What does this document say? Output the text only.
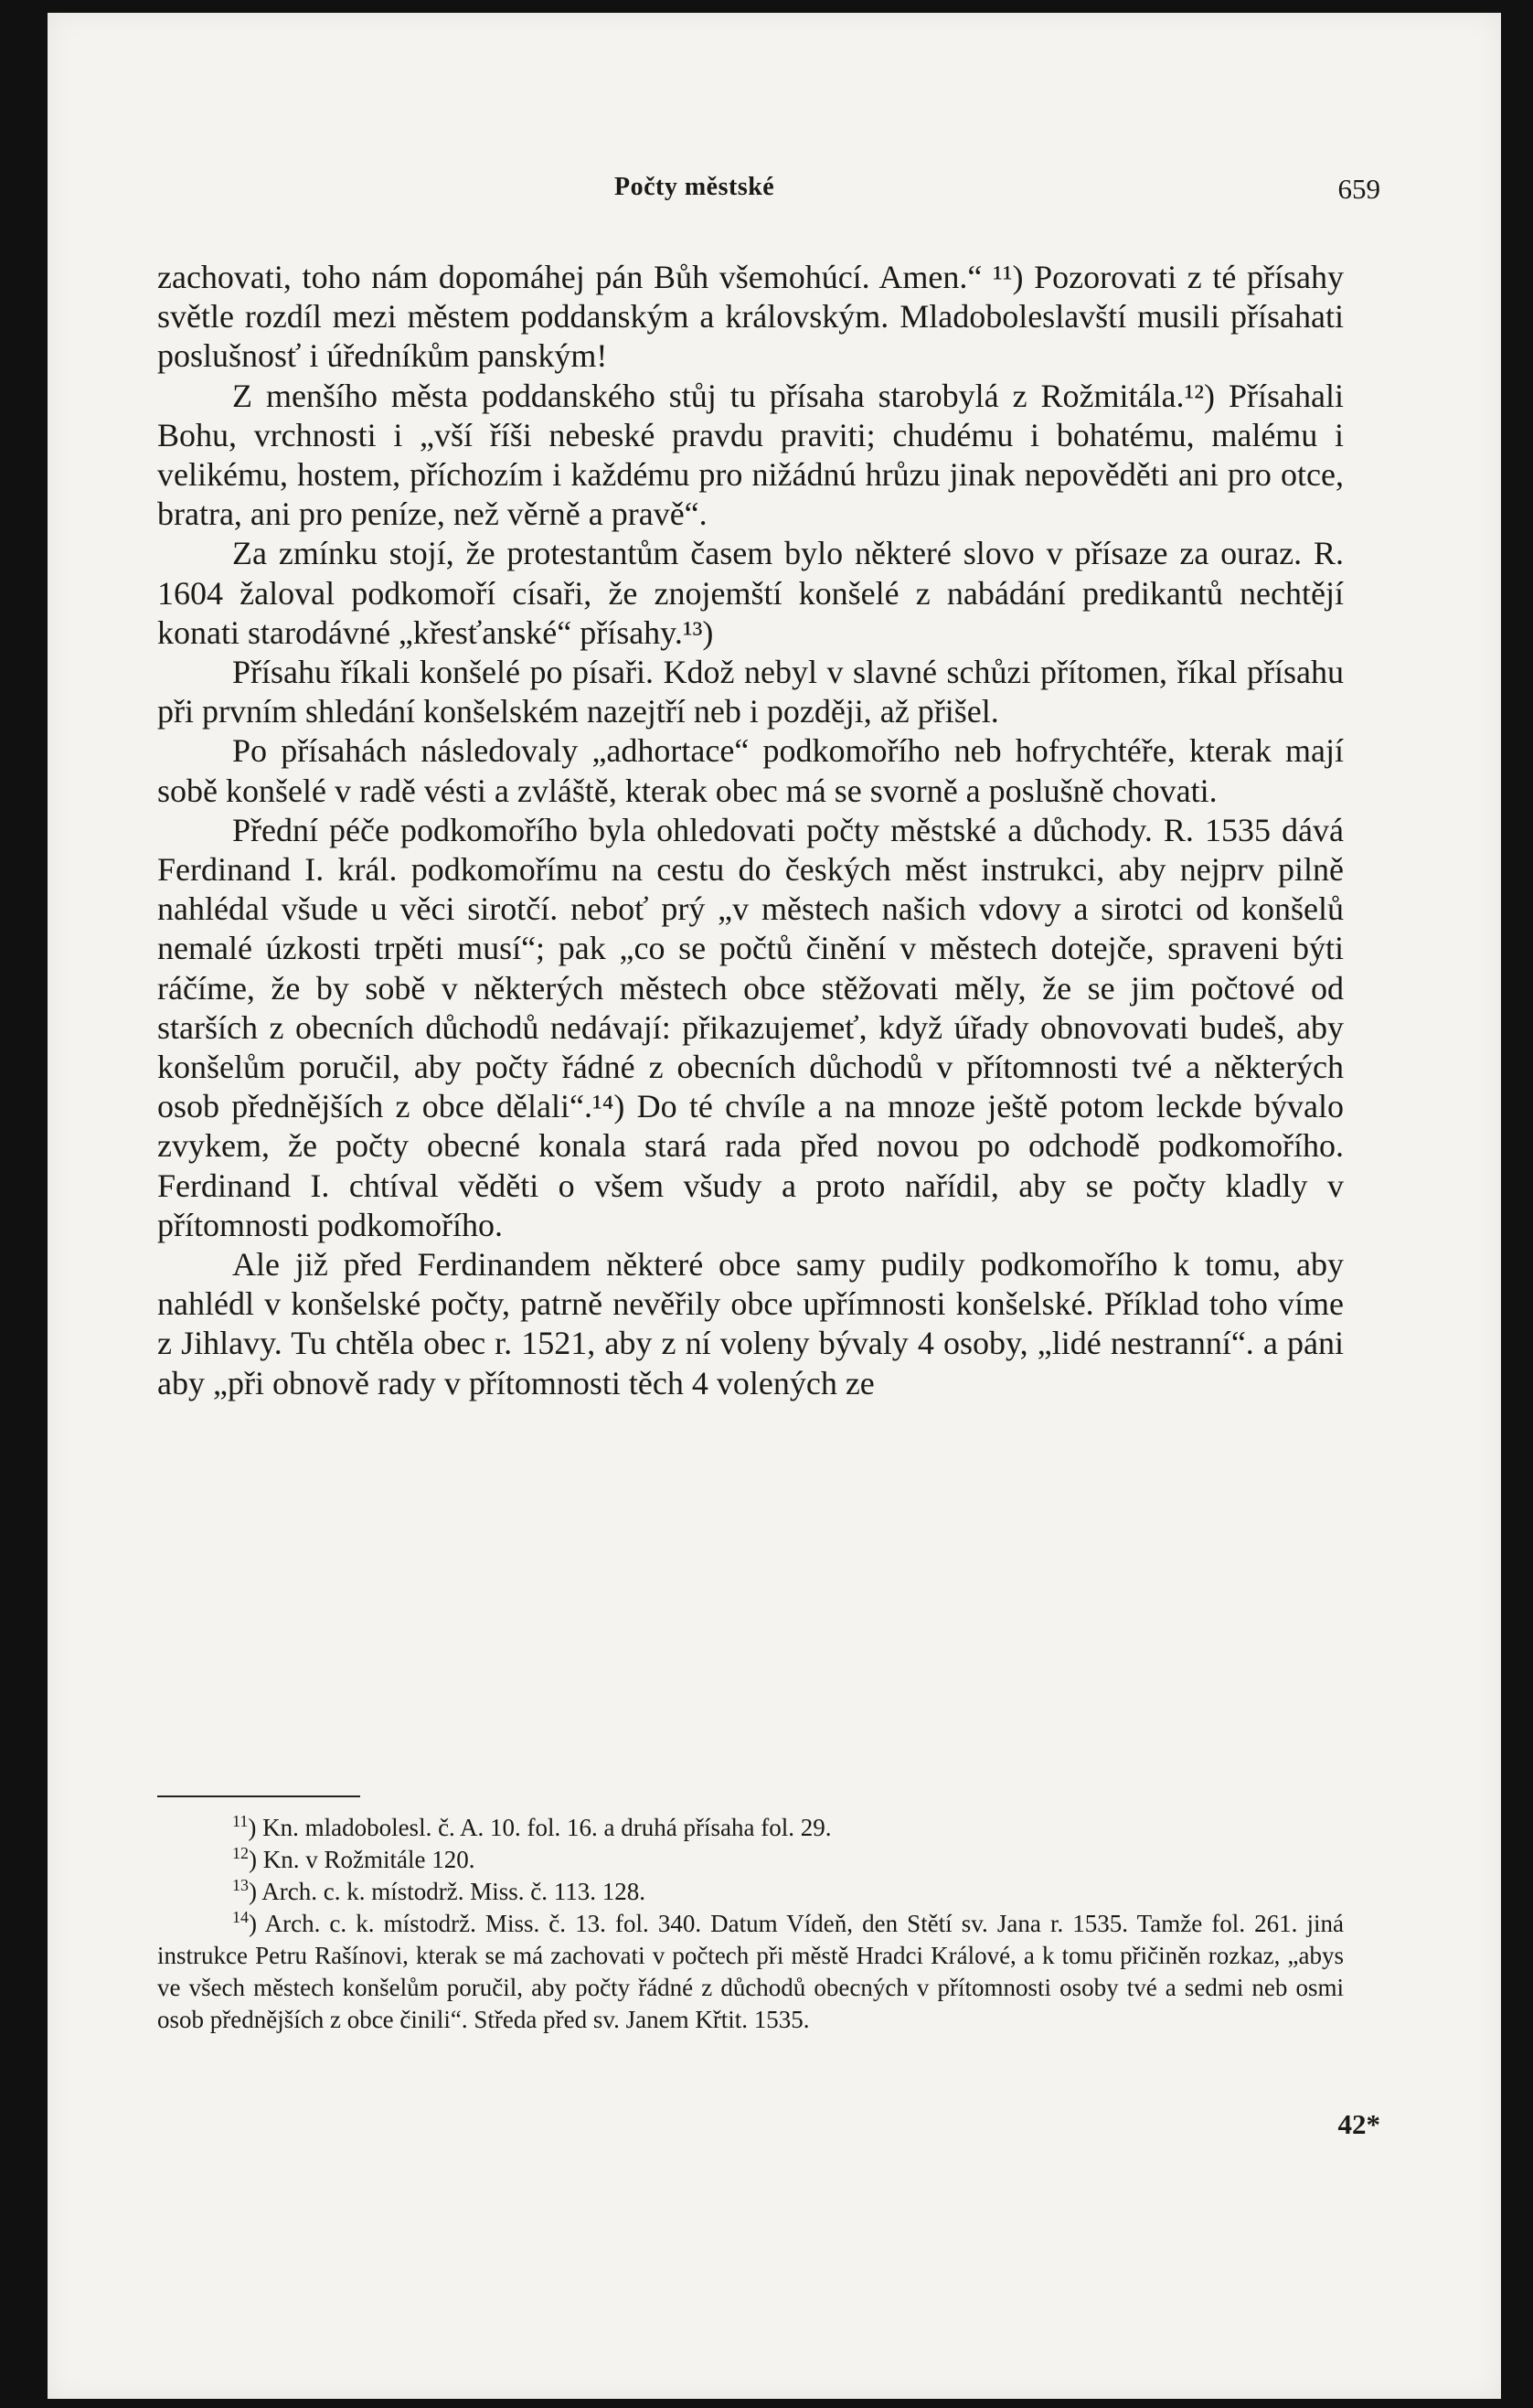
Počty městské	659

zachovati, toho nám dopomáhej pán Bůh všemohúcí. Amen.“ ¹¹) Pozorovati z té přísahy světle rozdíl mezi městem poddanským a královským. Mladoboleslavští musili přísahati poslušnosť i úředníkům panským!

Z menšího města poddanského stůj tu přísaha starobylá z Rožmitála.¹²) Přísahali Bohu, vrchnosti i „vší říši nebeské pravdu praviti; chudému i bohatému, malému i velikému, hostem, příchozím i každému pro nižádnú hrůzu jinak nepověděti ani pro otce, bratra, ani pro peníze, než věrně a pravě“.

Za zmínku stojí, že protestantům časem bylo některé slovo v přísaze za ouraz. R. 1604 žaloval podkomoří císaři, že znojemští konšelé z nabádání predikantů nechtějí konati starodávné „křesťanské“ přísahy.¹³)

Přísahu říkali konšelé po písaři. Kdož nebyl v slavné schůzi přítomen, říkal přísahu při prvním shledání konšelském nazejtří neb i později, až přišel.

Po přísahách následovaly „adhortace“ podkomořího neb hofrychtéře, kterak mají sobě konšelé v radě vésti a zvláště, kterak obec má se svorně a poslušně chovati.

Přední péče podkomořího byla ohledovati počty městské a důchody. R. 1535 dává Ferdinand I. král. podkomořímu na cestu do českých měst instrukci, aby nejprv pilně nahlédal všude u věci sirotčí. neboť prý „v městech našich vdovy a sirotci od konšelů nemalé úzkosti trpěti musí“; pak „co se počtů činění v městech dotejče, spraveni býti ráčíme, že by sobě v některých městech obce stěžovati měly, že se jim počtové od starších z obecních důchodů nedávají: přikazujemeť, když úřady obnovovati budeš, aby konšelům poručil, aby počty řádné z obecních důchodů v přítomnosti tvé a některých osob přednějších z obce dělali“.¹⁴) Do té chvíle a na mnoze ještě potom leckde bývalo zvykem, že počty obecné konala stará rada před novou po odchodě podkomořího. Ferdinand I. chtíval věděti o všem všudy a proto nařídil, aby se počty kladly v přítomnosti podkomořího.

Ale již před Ferdinandem některé obce samy pudily podkomořího k tomu, aby nahlédl v konšelské počty, patrně nevěřily obce upřímnosti konšelské. Příklad toho víme z Jihlavy. Tu chtěla obec r. 1521, aby z ní voleny bývaly 4 osoby, „lidé nestranní“. a páni aby „při obnově rady v přítomnosti těch 4 volených ze

$^{11}$) Kn. mladobolesl. č. A. 10. fol. 16. a druhá přísaha fol. 29.

$^{12}$) Kn. v Rožmitále 120.

$^{13}$) Arch. c. k. místodrž. Miss. č. 113. 128.

$^{14}$) Arch. c. k. místodrž. Miss. č. 13. fol. 340. Datum Vídeň, den Stětí sv. Jana r. 1535. Tamže fol. 261. jiná instrukce Petru Rašínovi, kterak se má zachovati v počtech při městě Hradci Králové, a k tomu přičiněn rozkaz, „abys ve všech městech konšelům poručil, aby počty řádné z důchodů obecných v přítomnosti osoby tvé a sedmi neb osmi osob přednějších z obce činili“. Středa před sv. Janem Křtit. 1535.

42*
